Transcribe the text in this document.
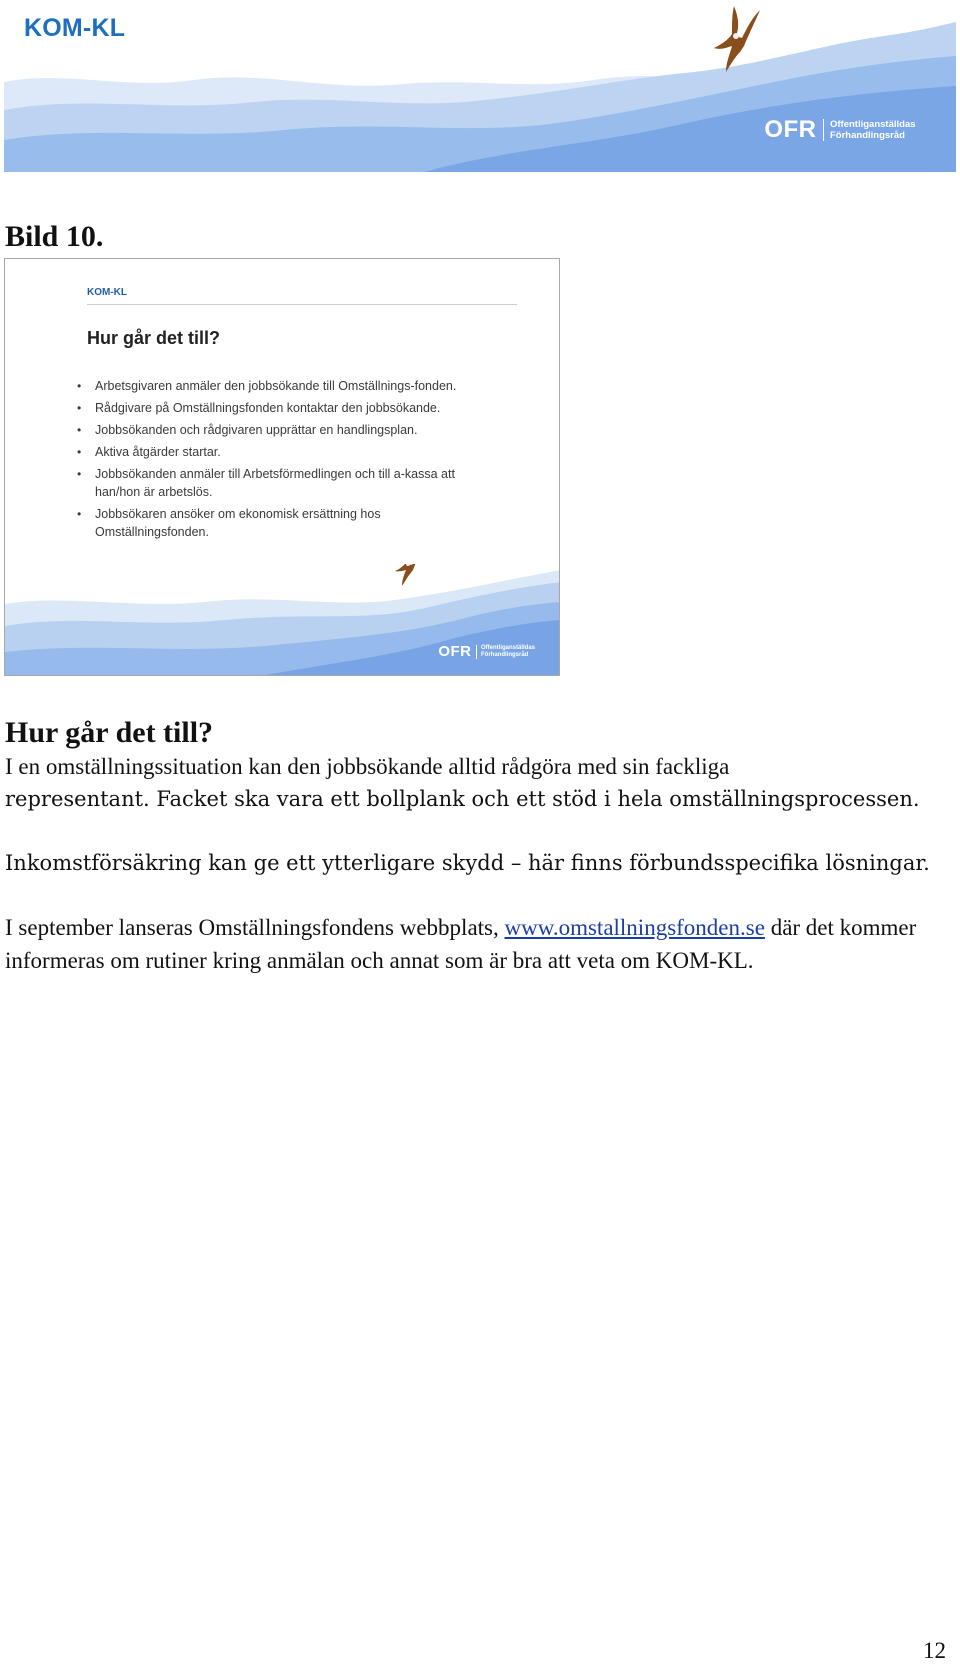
KOM-KL
OFR Offentliganställdas
Förhandlingsråd
Bild 10.
KOM-KL
Hur går det till?
• Arbetsgivaren anmäler den jobbsökande till Omställnings-fonden.
• Rådgivare på Omställningsfonden kontaktar den jobbsökande.
• Jobbsökanden och rådgivaren upprättar en handlingsplan.
• Aktiva åtgärder startar.
• Jobbsökanden anmäler till Arbetsförmedlingen och till a-kassa att han/hon är arbetslös.
• Jobbsökaren ansöker om ekonomisk ersättning hos Omställningsfonden.
OFR Offentliganställdas
Förhandlingsråd
Hur går det till?

I en omställningssituation kan den jobbsökande alltid rådgöra med sin fackliga

representant. Facket ska vara ett bollplank och ett stöd i hela omställningsprocessen.

Inkomstförsäkring kan ge ett ytterligare skydd – här finns förbundsspecifika lösningar.

I september lanseras Omställningsfondens webbplats, www.omstallningsfonden.se där det kommer informeras om rutiner kring anmälan och annat som är bra att veta om KOM-KL.

12
